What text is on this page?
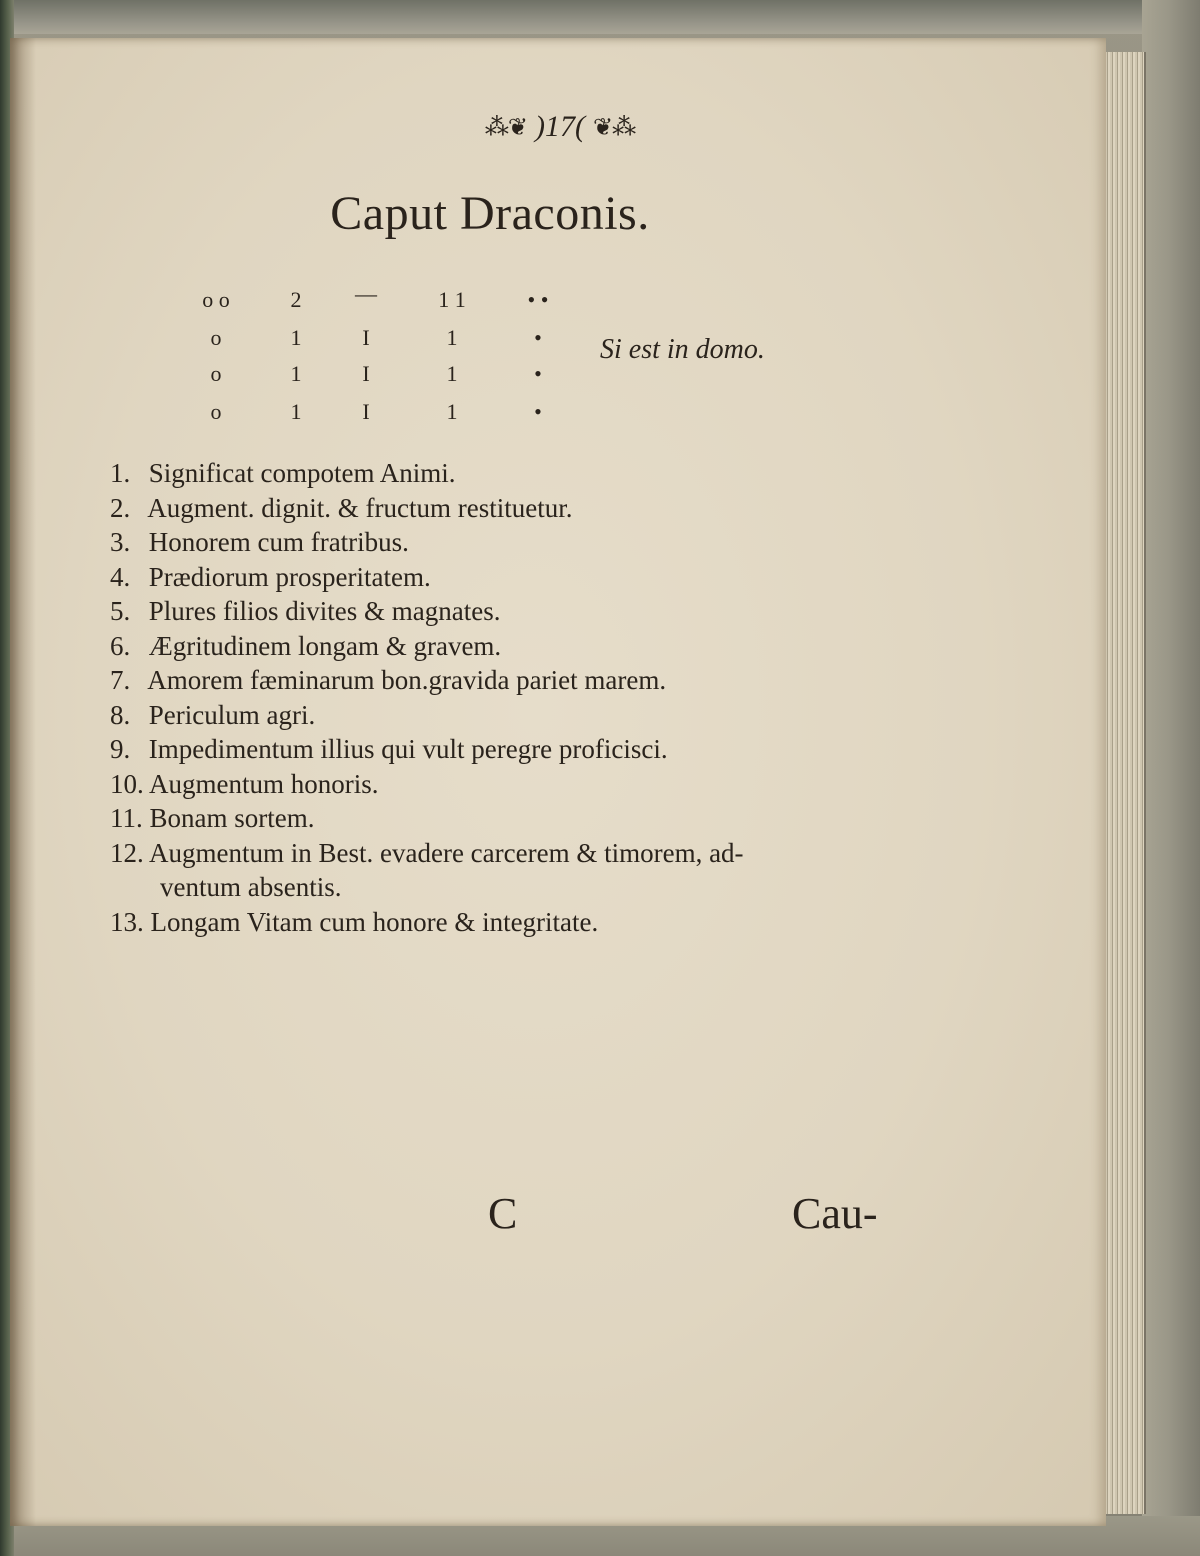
⁂❦ )17( ❦⁂
Caput Draconis.
o o
o
o
o
2
1
1
1
—
I
I
I
1 1
1
1
1
• •
•
•
•
Si est in domo.
1. Significat compotem Animi.
2. Augment. dignit. & fructum restituetur.
3. Honorem cum fratribus.
4. Prædiorum prosperitatem.
5. Plures filios divites & magnates.
6. Ægritudinem longam & gravem.
7. Amorem fæminarum bon.gravida pariet marem.
8. Periculum agri.
9. Impedimentum illius qui vult peregre proficisci.
10. Augmentum honoris.
11. Bonam sortem.
12. Augmentum in Best. evadere carcerem & timorem, ad-
ventum absentis.
13. Longam Vitam cum honore & integritate.
C	Cau-
